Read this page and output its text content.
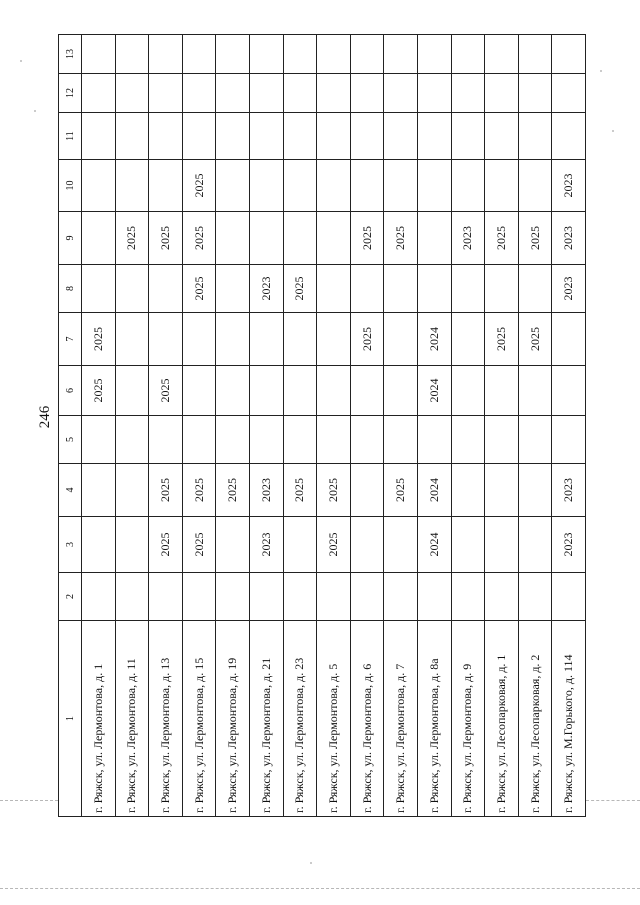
246
1	2	3	4	5	6	7	8	9	10	11	12	13
г. Ряжск, ул. Лермонтова, д. 1					2025	2025						
г. Ряжск, ул. Лермонтова, д. 11								2025				
г. Ряжск, ул. Лермонтова, д. 13		2025	2025		2025			2025				
г. Ряжск, ул. Лермонтова, д. 15		2025	2025				2025	2025	2025			
г. Ряжск, ул. Лермонтова, д. 19			2025									
г. Ряжск, ул. Лермонтова, д. 21		2023	2023				2023					
г. Ряжск, ул. Лермонтова, д. 23			2025				2025					
г. Ряжск, ул. Лермонтова, д. 5		2025	2025									
г. Ряжск, ул. Лермонтова, д. 6						2025		2025				
г. Ряжск, ул. Лермонтова, д. 7			2025					2025				
г. Ряжск, ул. Лермонтова, д. 8а		2024	2024		2024	2024						
г. Ряжск, ул. Лермонтова, д. 9								2023				
г. Ряжск, ул. Лесопарковая, д. 1						2025		2025				
г. Ряжск, ул. Лесопарковая, д. 2						2025		2025				
г. Ряжск, ул. М.Горького, д. 114		2023	2023				2023	2023	2023			
